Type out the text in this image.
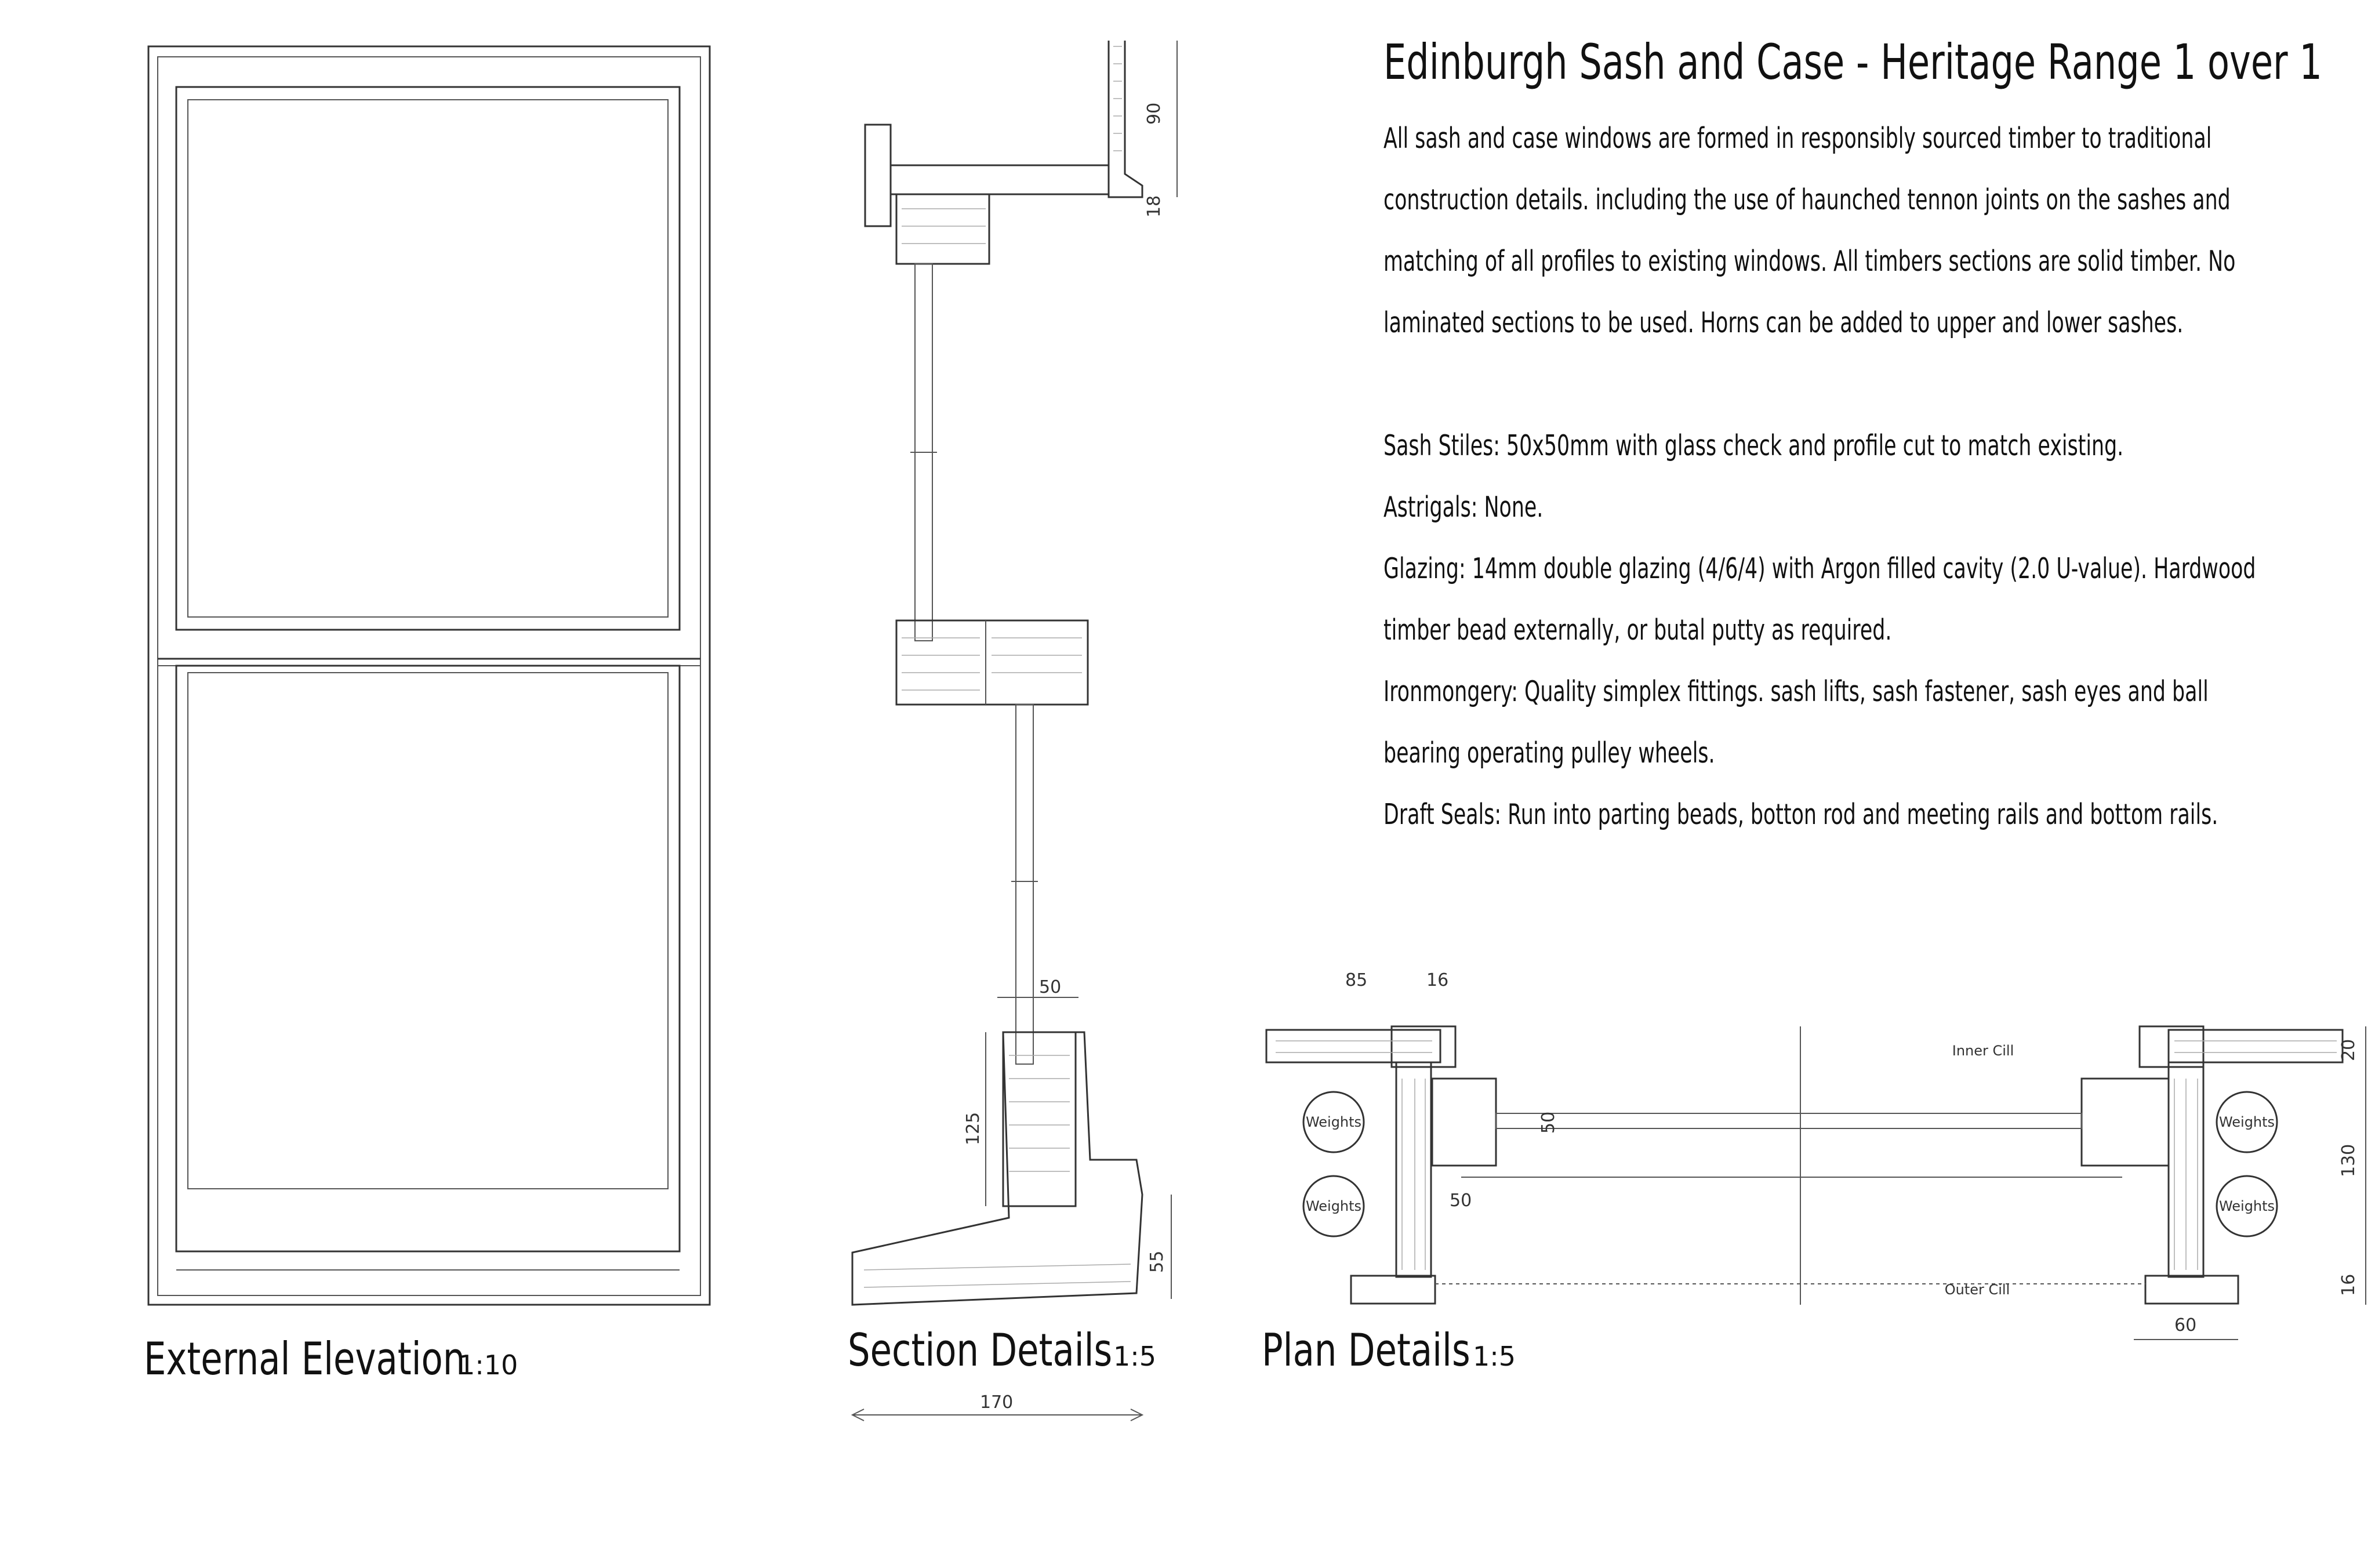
90
18
50
125
55
170
Weights
Weights
Weights
Weights
Inner Cill
Outer Cill
85	16
50
50
20
130
16
60
External Elevation
1:10	Section Details 1:5 Plan Details 1:5
Edinburgh Sash and Case - Heritage Range 1 over 1
All sash and case windows are formed in responsibly sourced timber to traditional
construction details. including the use of haunched tennon joints on the sashes and
matching of all profiles to existing windows. All timbers sections are solid timber. No
laminated sections to be used. Horns can be added to upper and lower sashes.
Sash Stiles: 50x50mm with glass check and profile cut to match existing.
Astrigals: None.
Glazing: 14mm double glazing (4/6/4) with Argon filled cavity (2.0 U-value). Hardwood
timber bead externally, or butal putty as required.
Ironmongery: Quality simplex fittings. sash lifts, sash fastener, sash eyes and ball
bearing operating pulley wheels.
Draft Seals: Run into parting beads, botton rod and meeting rails and bottom rails.
